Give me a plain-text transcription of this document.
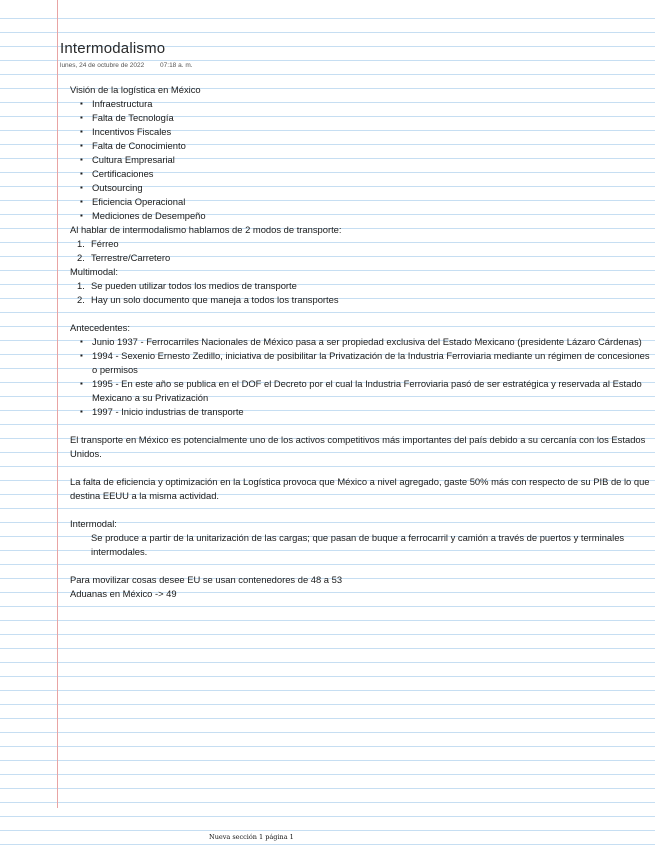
Intermodalismo
lunes, 24 de octubre de 2022 07:18 a. m.

Visión de la logística en México

▪ Infraestructura
▪ Falta de Tecnología
▪ Incentivos Fiscales
▪ Falta de Conocimiento
▪ Cultura Empresarial
▪ Certificaciones
▪ Outsourcing
▪ Eficiencia Operacional
▪ Mediciones de Desempeño

Al hablar de intermodalismo hablamos de 2 modos de transporte:

1. Férreo
2. Terrestre/Carretero

Multimodal:

1. Se pueden utilizar todos los medios de transporte
2. Hay un solo documento que maneja a todos los transportes

Antecedentes:

▪ Junio 1937 - Ferrocarriles Nacionales de México pasa a ser propiedad exclusiva del Estado Mexicano (presidente Lázaro Cárdenas)
▪ 1994 - Sexenio Ernesto Zedillo, iniciativa de posibilitar la Privatización de la Industria Ferroviaria mediante un régimen de concesiones o permisos
▪ 1995 - En este año se publica en el DOF el Decreto por el cual la Industria Ferroviaria pasó de ser estratégica y reservada al Estado Mexicano a su Privatización
▪ 1997 - Inicio industrias de transporte

El transporte en México es potencialmente uno de los activos competitivos más importantes del país debido a su cercanía con los Estados Unidos.

La falta de eficiencia y optimización en la Logística provoca que México a nivel agregado, gaste 50% más con respecto de su PIB de lo que destina EEUU a la misma actividad.

Intermodal:

Se produce a partir de la unitarización de las cargas; que pasan de buque a ferrocarril y camión a través de puertos y terminales intermodales.

Para movilizar cosas desee EU se usan contenedores de 48 a 53

Aduanas en México -> 49

Nueva sección 1 página 1
